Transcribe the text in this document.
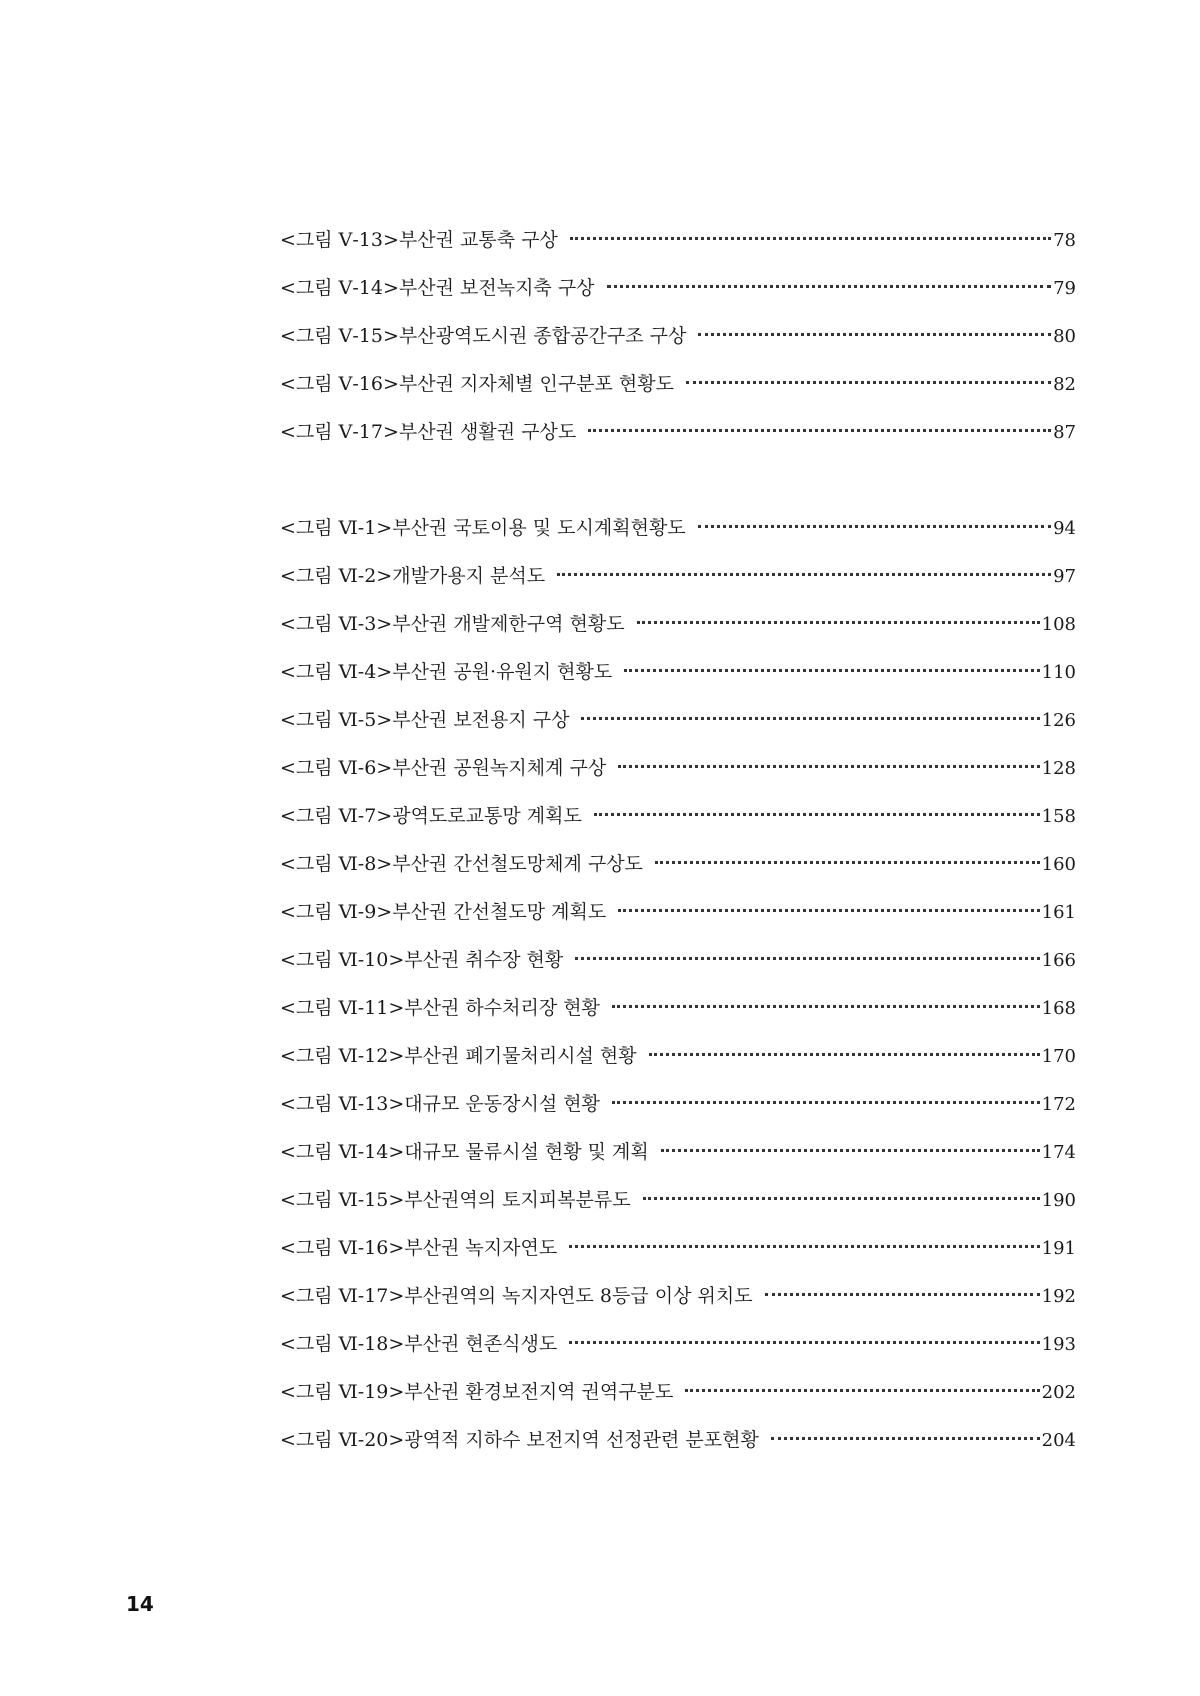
<그림 Ⅴ-13>부산권 교통축 구상	78
<그림 Ⅴ-14>부산권 보전녹지축 구상	79
<그림 Ⅴ-15>부산광역도시권 종합공간구조 구상	80
<그림 Ⅴ-16>부산권 지자체별 인구분포 현황도	82
<그림 Ⅴ-17>부산권 생활권 구상도	87
<그림 Ⅵ-1>부산권 국토이용 및 도시계획현황도	94
<그림 Ⅵ-2>개발가용지 분석도	97
<그림 Ⅵ-3>부산권 개발제한구역 현황도	108
<그림 Ⅵ-4>부산권 공원·유원지 현황도	110
<그림 Ⅵ-5>부산권 보전용지 구상	126
<그림 Ⅵ-6>부산권 공원녹지체계 구상	128
<그림 Ⅵ-7>광역도로교통망 계획도	158
<그림 Ⅵ-8>부산권 간선철도망체계 구상도	160
<그림 Ⅵ-9>부산권 간선철도망 계획도	161
<그림 Ⅵ-10>부산권 취수장 현황	166
<그림 Ⅵ-11>부산권 하수처리장 현황	168
<그림 Ⅵ-12>부산권 폐기물처리시설 현황	170
<그림 Ⅵ-13>대규모 운동장시설 현황	172
<그림 Ⅵ-14>대규모 물류시설 현황 및 계획	174
<그림 Ⅵ-15>부산권역의 토지피복분류도	190
<그림 Ⅵ-16>부산권 녹지자연도	191
<그림 Ⅵ-17>부산권역의 녹지자연도 8등급 이상 위치도	192
<그림 Ⅵ-18>부산권 현존식생도	193
<그림 Ⅵ-19>부산권 환경보전지역 권역구분도	202
<그림 Ⅵ-20>광역적 지하수 보전지역 선정관련 분포현황	204
14
